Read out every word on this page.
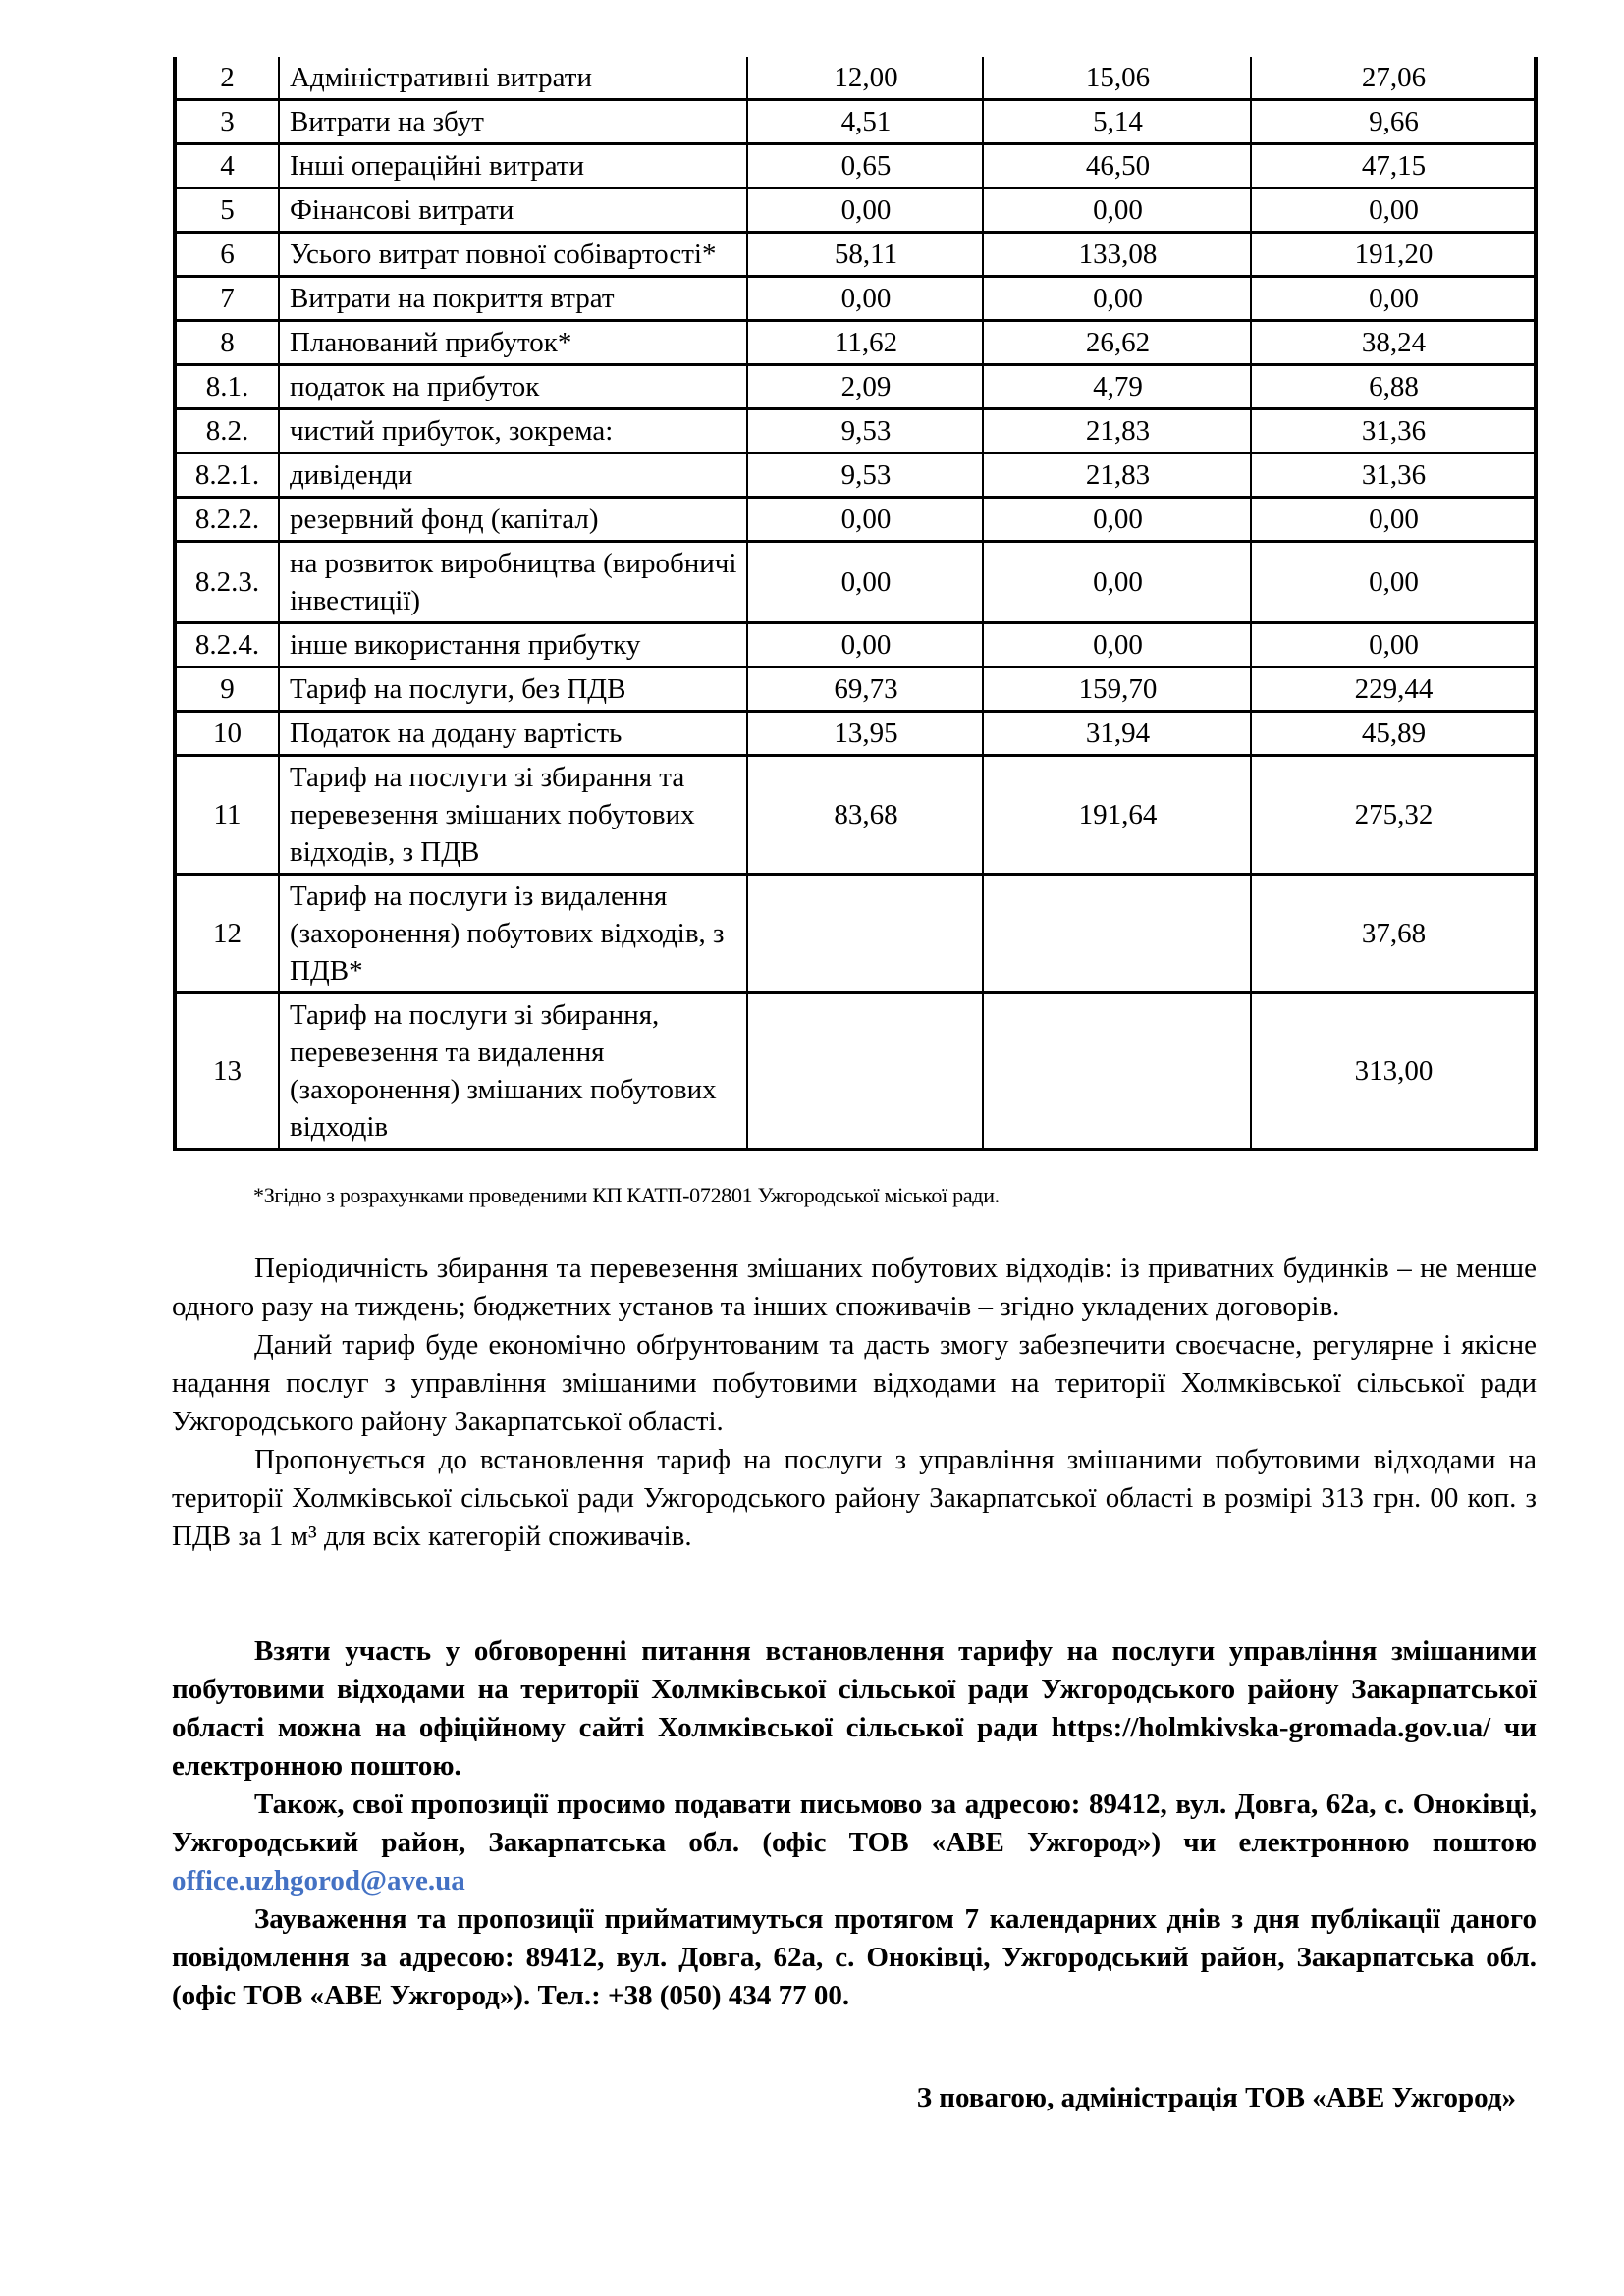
2	Адміністративні витрати	12,00	15,06	27,06
3	Витрати на збут	4,51	5,14	9,66
4	Інші операційні витрати	0,65	46,50	47,15
5	Фінансові витрати	0,00	0,00	0,00
6	Усього витрат повної собівартості*	58,11	133,08	191,20
7	Витрати на покриття втрат	0,00	0,00	0,00
8	Планований прибуток*	11,62	26,62	38,24
8.1.	податок на прибуток	2,09	4,79	6,88
8.2.	чистий прибуток, зокрема:	9,53	21,83	31,36
8.2.1.	дивіденди	9,53	21,83	31,36
8.2.2.	резервний фонд (капітал)	0,00	0,00	0,00
8.2.3.	на розвиток виробництва (виробничі інвестиції)	0,00	0,00	0,00
8.2.4.	інше використання прибутку	0,00	0,00	0,00
9	Тариф на послуги, без ПДВ	69,73	159,70	229,44
10	Податок на додану вартість	13,95	31,94	45,89
11	Тариф на послуги зі збирання та перевезення змішаних побутових відходів, з ПДВ	83,68	191,64	275,32
12	Тариф на послуги із видалення (захоронення) побутових відходів, з ПДВ*			37,68
13	Тариф на послуги зі збирання, перевезення та видалення (захоронення) змішаних побутових відходів			313,00
*Згідно з розрахунками проведеними КП КАТП-072801 Ужгородської міської ради.

Періодичність збирання та перевезення змішаних побутових відходів: із приватних будинків – не менше одного разу на тиждень; бюджетних установ та інших споживачів – згідно укладених договорів.

Даний тариф буде економічно обґрунтованим та дасть змогу забезпечити своєчасне, регулярне і якісне надання послуг з управління змішаними побутовими відходами на території Холмківської сільської ради Ужгородського району Закарпатської області.

Пропонується до встановлення тариф на послуги з управління змішаними побутовими відходами на території Холмківської сільської ради Ужгородського району Закарпатської області в розмірі 313 грн. 00 коп. з ПДВ за 1 м³ для всіх категорій споживачів.

Взяти участь у обговоренні питання встановлення тарифу на послуги управління змішаними побутовими відходами на території Холмківської сільської ради Ужгородського району Закарпатської області можна на офіційному сайті Холмківської сільської ради https://holmkivska-gromada.gov.ua/ чи електронною поштою.

Також, свої пропозиції просимо подавати письмово за адресою: 89412, вул. Довга, 62а, с. Оноківці, Ужгородський район, Закарпатська обл. (офіс ТОВ «АВЕ Ужгород») чи електронною поштою office.uzhgorod@ave.ua

Зауваження та пропозиції прийматимуться протягом 7 календарних днів з дня публікації даного повідомлення за адресою: 89412, вул. Довга, 62а, с. Оноківці, Ужгородський район, Закарпатська обл. (офіс ТОВ «АВЕ Ужгород»). Тел.: +38 (050) 434 77 00.

З повагою, адміністрація ТОВ «АВЕ Ужгород»
